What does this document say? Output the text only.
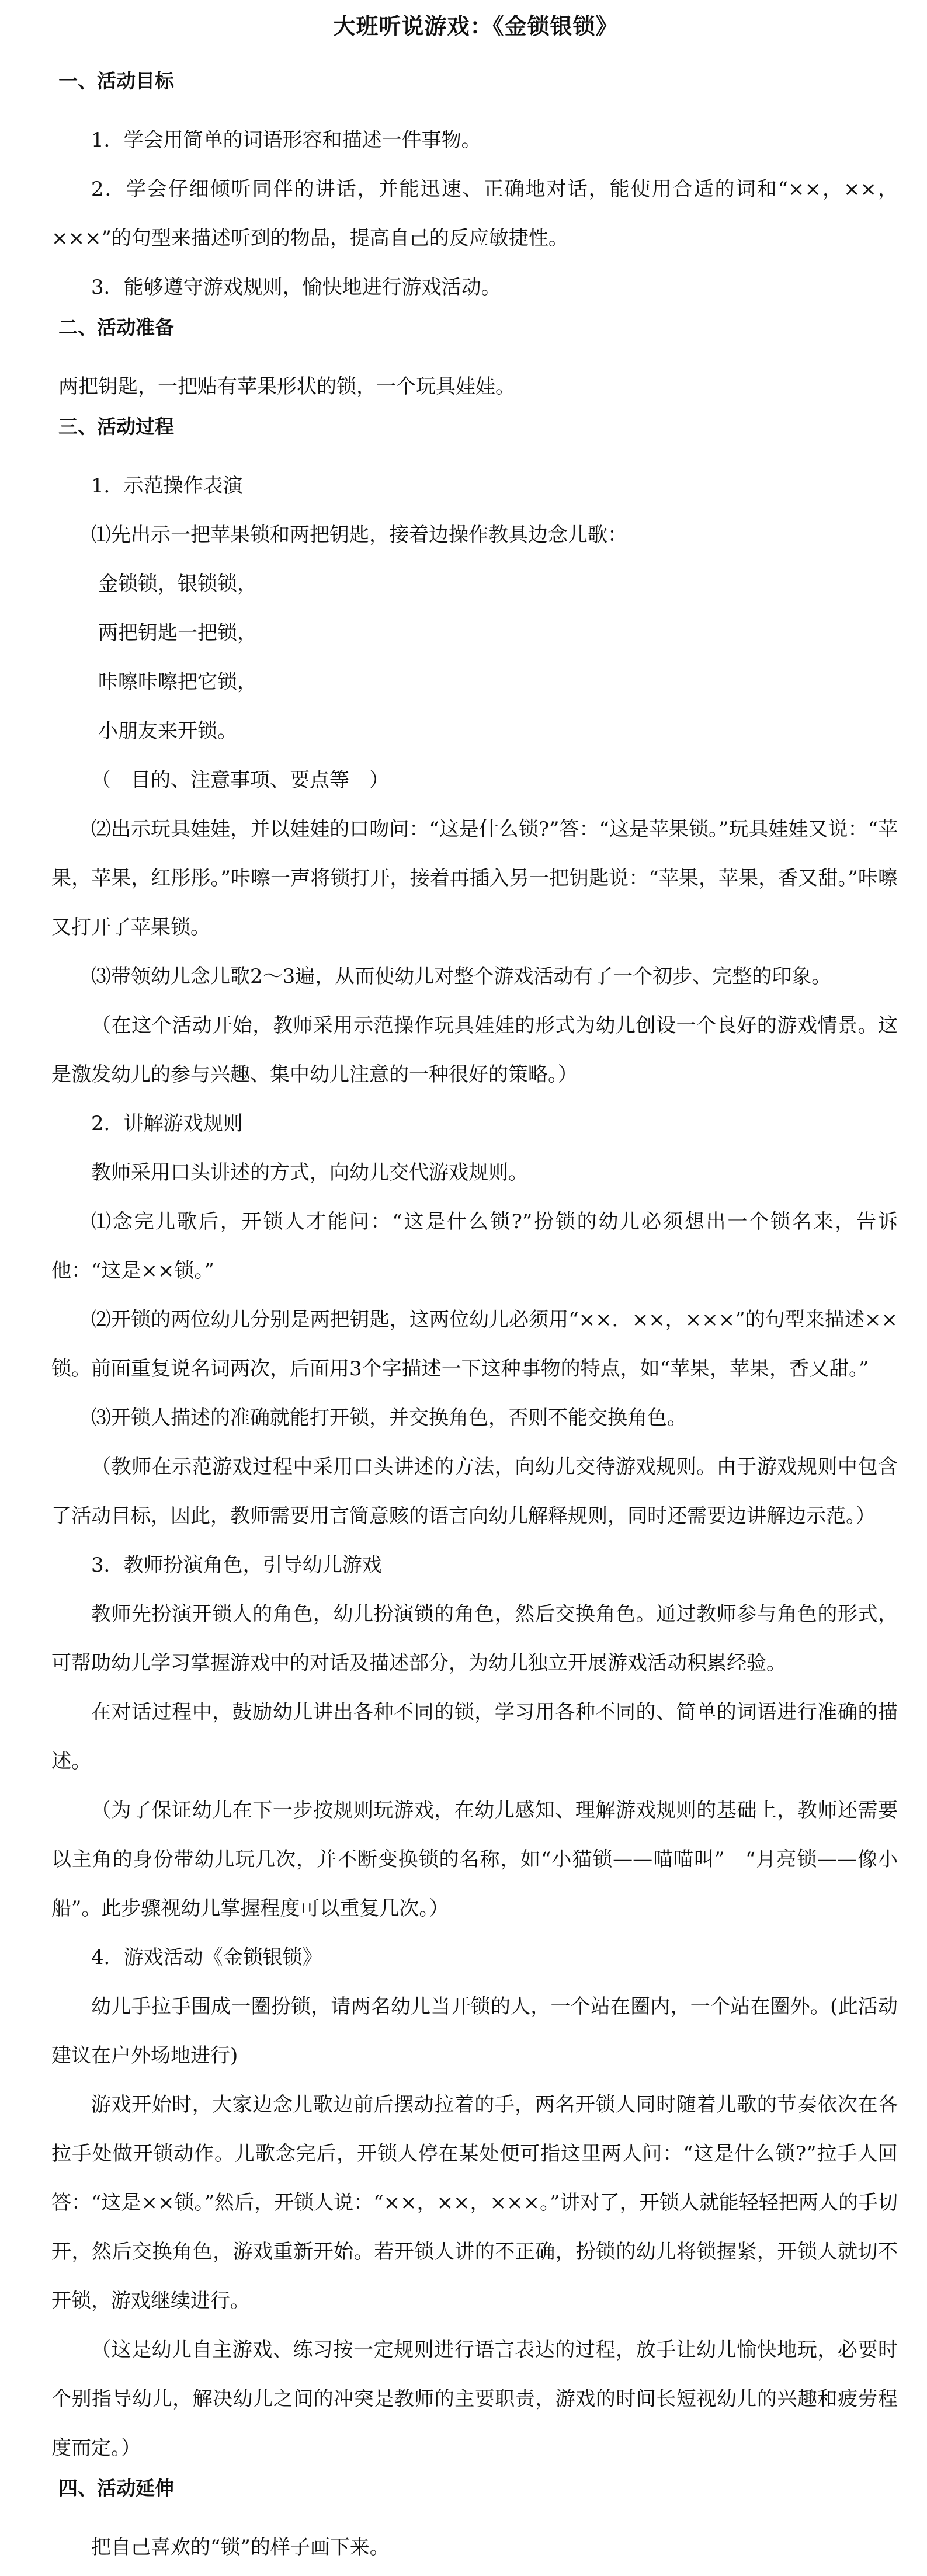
大班听说游戏：《金锁银锁》
一、活动目标

1．学会用简单的词语形容和描述一件事物。

2．学会仔细倾听同伴的讲话，并能迅速、正确地对话，能使用合适的词和“××，××，×××”的句型来描述听到的物品，提高自己的反应敏捷性。

3．能够遵守游戏规则，愉快地进行游戏活动。

二、活动准备

两把钥匙，一把贴有苹果形状的锁，一个玩具娃娃。

三、活动过程

1．示范操作表演

⑴先出示一把苹果锁和两把钥匙，接着边操作教具边念儿歌：

金锁锁，银锁锁，
两把钥匙一把锁，
咔嚓咔嚓把它锁，
小朋友来开锁。

（　目的、注意事项、要点等　）

⑵出示玩具娃娃，并以娃娃的口吻问：“这是什么锁?”答：“这是苹果锁。”玩具娃娃又说：“苹果，苹果，红彤彤。”咔嚓一声将锁打开，接着再插入另一把钥匙说：“苹果，苹果，香又甜。”咔嚓又打开了苹果锁。

⑶带领幼儿念儿歌2～3遍，从而使幼儿对整个游戏活动有了一个初步、完整的印象。

（在这个活动开始，教师采用示范操作玩具娃娃的形式为幼儿创设一个良好的游戏情景。这是激发幼儿的参与兴趣、集中幼儿注意的一种很好的策略。）

2．讲解游戏规则

教师采用口头讲述的方式，向幼儿交代游戏规则。

⑴念完儿歌后，开锁人才能问：“这是什么锁?”扮锁的幼儿必须想出一个锁名来，告诉他：“这是××锁。”

⑵开锁的两位幼儿分别是两把钥匙，这两位幼儿必须用“××．××，×××”的句型来描述××锁。前面重复说名词两次，后面用3个字描述一下这种事物的特点，如“苹果，苹果，香又甜。”

⑶开锁人描述的准确就能打开锁，并交换角色，否则不能交换角色。

（教师在示范游戏过程中采用口头讲述的方法，向幼儿交待游戏规则。由于游戏规则中包含了活动目标，因此，教师需要用言简意赅的语言向幼儿解释规则，同时还需要边讲解边示范。）

3．教师扮演角色，引导幼儿游戏

教师先扮演开锁人的角色，幼儿扮演锁的角色，然后交换角色。通过教师参与角色的形式，可帮助幼儿学习掌握游戏中的对话及描述部分，为幼儿独立开展游戏活动积累经验。

在对话过程中，鼓励幼儿讲出各种不同的锁，学习用各种不同的、简单的词语进行准确的描述。

（为了保证幼儿在下一步按规则玩游戏，在幼儿感知、理解游戏规则的基础上，教师还需要以主角的身份带幼儿玩几次，并不断变换锁的名称，如“小猫锁——喵喵叫”　“月亮锁——像小船”。此步骤视幼儿掌握程度可以重复几次。）

4．游戏活动《金锁银锁》

幼儿手拉手围成一圈扮锁，请两名幼儿当开锁的人，一个站在圈内，一个站在圈外。(此活动建议在户外场地进行)

游戏开始时，大家边念儿歌边前后摆动拉着的手，两名开锁人同时随着儿歌的节奏依次在各拉手处做开锁动作。儿歌念完后，开锁人停在某处便可指这里两人问：“这是什么锁?”拉手人回答：“这是××锁。”然后，开锁人说：“××，××，×××。”讲对了，开锁人就能轻轻把两人的手切开，然后交换角色，游戏重新开始。若开锁人讲的不正确，扮锁的幼儿将锁握紧，开锁人就切不开锁，游戏继续进行。

（这是幼儿自主游戏、练习按一定规则进行语言表达的过程，放手让幼儿愉快地玩，必要时个别指导幼儿，解决幼儿之间的冲突是教师的主要职责，游戏的时间长短视幼儿的兴趣和疲劳程度而定。）

四、活动延伸

把自己喜欢的“锁”的样子画下来。
